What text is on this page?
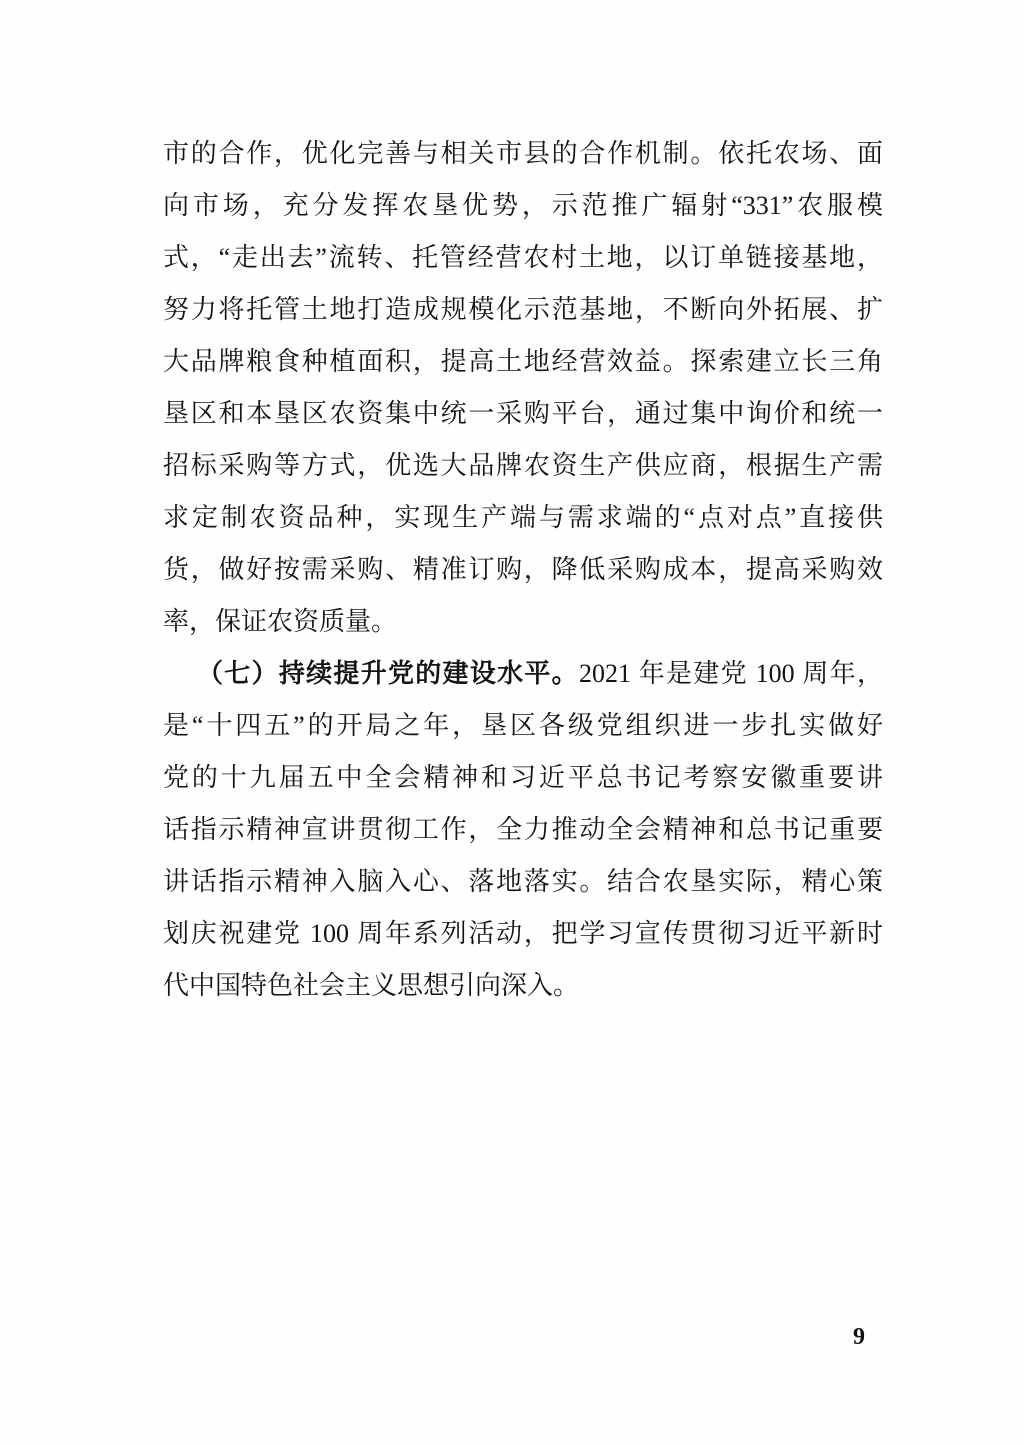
市的合作，优化完善与相关市县的合作机制。依托农场、面
向市场，充分发挥农垦优势，示范推广辐射“331”农服模
式，“走出去”流转、托管经营农村土地，以订单链接基地，
努力将托管土地打造成规模化示范基地，不断向外拓展、扩
大品牌粮食种植面积，提高土地经营效益。探索建立长三角
垦区和本垦区农资集中统一采购平台，通过集中询价和统一
招标采购等方式，优选大品牌农资生产供应商，根据生产需
求定制农资品种，实现生产端与需求端的“点对点”直接供
货，做好按需采购、精准订购，降低采购成本，提高采购效
率，保证农资质量。
（七）持续提升党的建设水平。2021 年是建党 100 周年，
是“十四五”的开局之年，垦区各级党组织进一步扎实做好
党的十九届五中全会精神和习近平总书记考察安徽重要讲
话指示精神宣讲贯彻工作，全力推动全会精神和总书记重要
讲话指示精神入脑入心、落地落实。结合农垦实际，精心策
划庆祝建党 100 周年系列活动，把学习宣传贯彻习近平新时
代中国特色社会主义思想引向深入。
9
